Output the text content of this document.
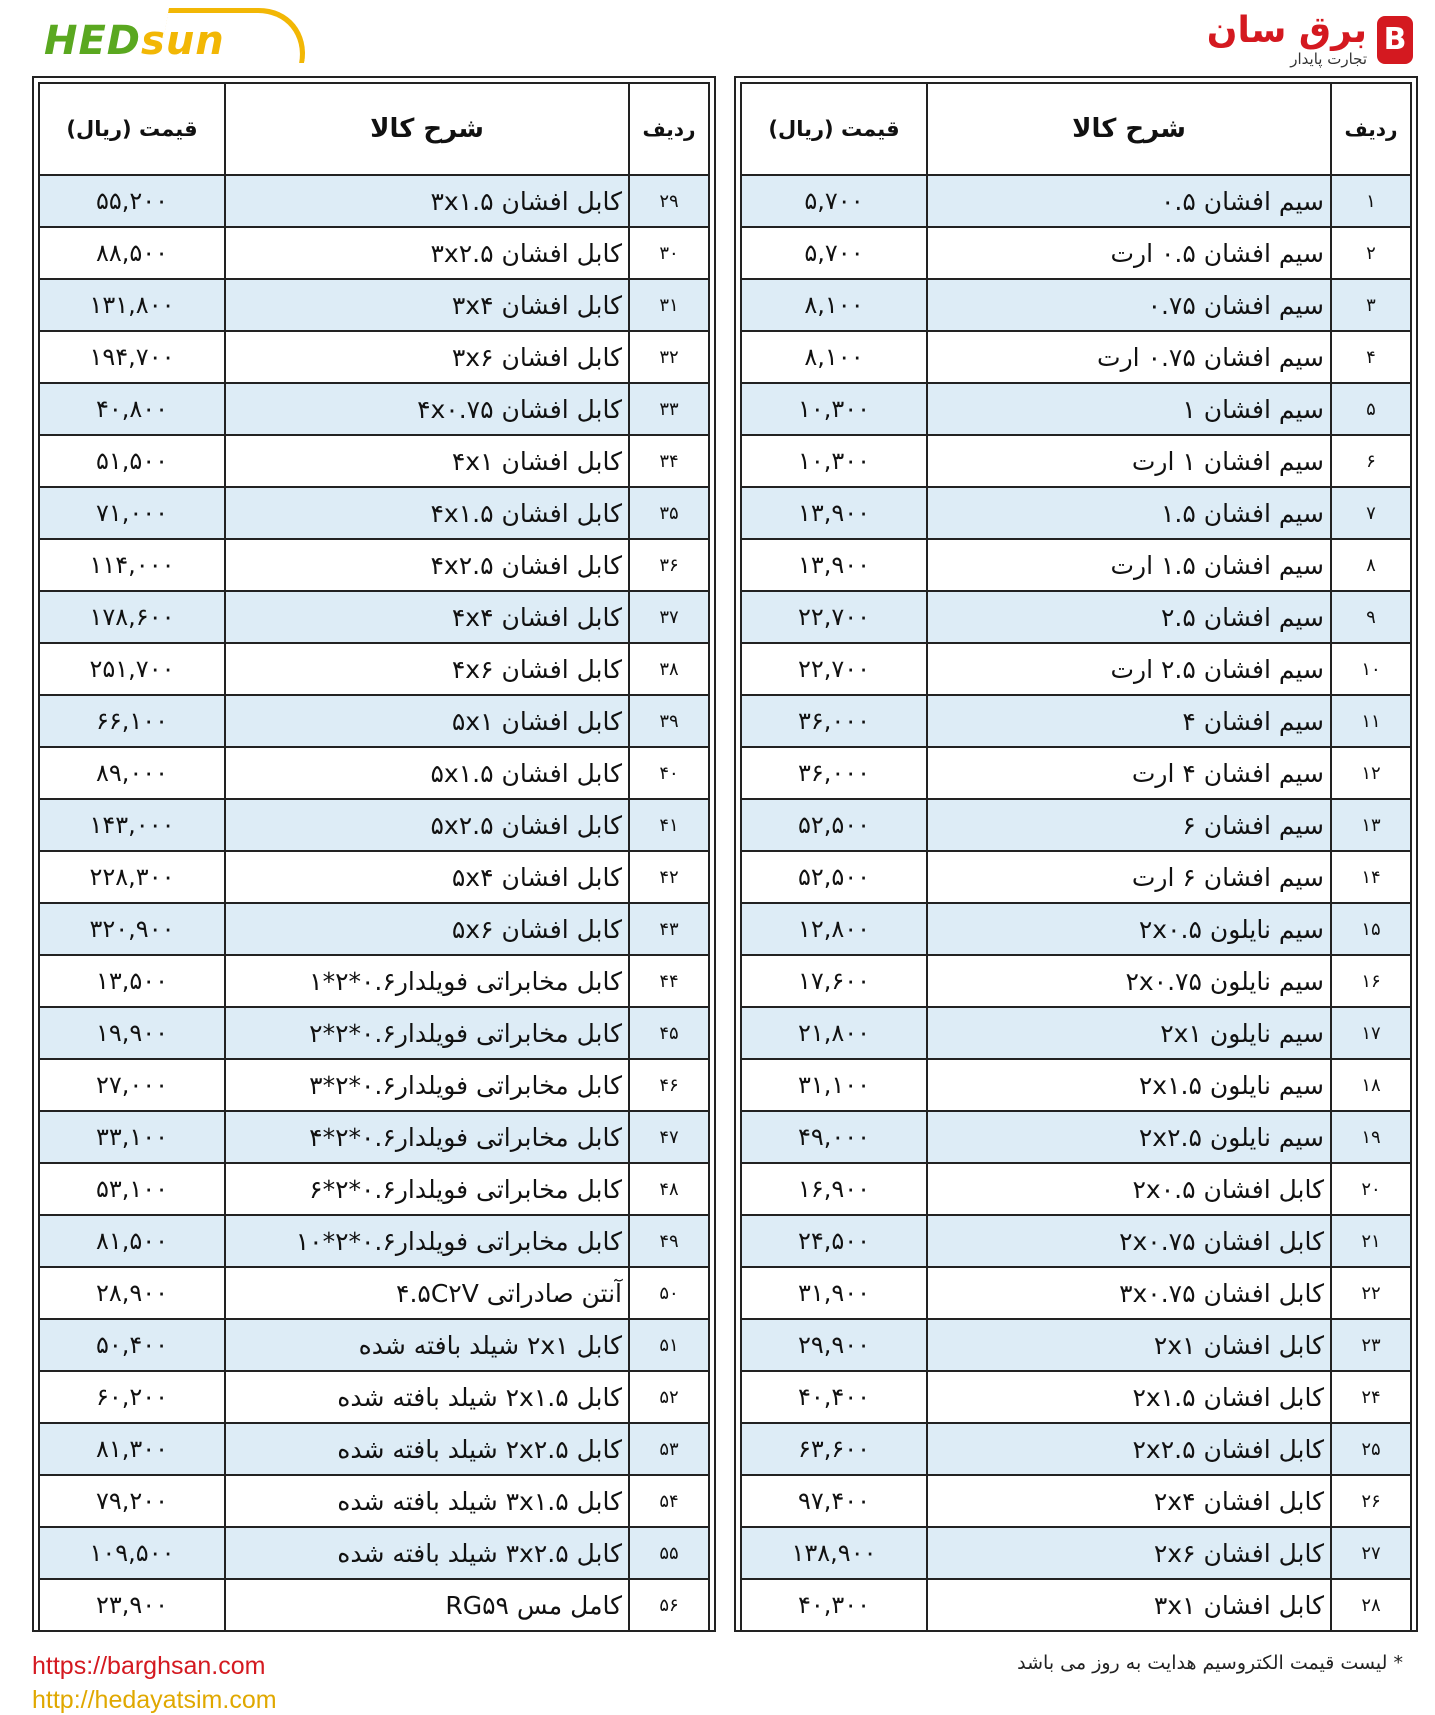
HEDsun	B
برق سان
تجارت پایدار
ردیف	شرح کالا	قیمت (ریال)
۱	سیم افشان ۰.۵	۵,۷۰۰
۲	سیم افشان ۰.۵ ارت	۵,۷۰۰
۳	سیم افشان ۰.۷۵	۸,۱۰۰
۴	سیم افشان ۰.۷۵ ارت	۸,۱۰۰
۵	سیم افشان ۱	۱۰,۳۰۰
۶	سیم افشان ۱ ارت	۱۰,۳۰۰
۷	سیم افشان ۱.۵	۱۳,۹۰۰
۸	سیم افشان ۱.۵ ارت	۱۳,۹۰۰
۹	سیم افشان ۲.۵	۲۲,۷۰۰
۱۰	سیم افشان ۲.۵ ارت	۲۲,۷۰۰
۱۱	سیم افشان ۴	۳۶,۰۰۰
۱۲	سیم افشان ۴ ارت	۳۶,۰۰۰
۱۳	سیم افشان ۶	۵۲,۵۰۰
۱۴	سیم افشان ۶ ارت	۵۲,۵۰۰
۱۵	سیم نایلون ۲x۰.۵	۱۲,۸۰۰
۱۶	سیم نایلون ۲x۰.۷۵	۱۷,۶۰۰
۱۷	سیم نایلون ۲x۱	۲۱,۸۰۰
۱۸	سیم نایلون ۲x۱.۵	۳۱,۱۰۰
۱۹	سیم نایلون ۲x۲.۵	۴۹,۰۰۰
۲۰	کابل افشان ۲x۰.۵	۱۶,۹۰۰
۲۱	کابل افشان ۲x۰.۷۵	۲۴,۵۰۰
۲۲	کابل افشان ۳x۰.۷۵	۳۱,۹۰۰
۲۳	کابل افشان ۲x۱	۲۹,۹۰۰
۲۴	کابل افشان ۲x۱.۵	۴۰,۴۰۰
۲۵	کابل افشان ۲x۲.۵	۶۳,۶۰۰
۲۶	کابل افشان ۲x۴	۹۷,۴۰۰
۲۷	کابل افشان ۲x۶	۱۳۸,۹۰۰
۲۸	کابل افشان ۳x۱	۴۰,۳۰۰
ردیف	شرح کالا	قیمت (ریال)
۲۹	کابل افشان ۳x۱.۵	۵۵,۲۰۰
۳۰	کابل افشان ۳x۲.۵	۸۸,۵۰۰
۳۱	کابل افشان ۳x۴	۱۳۱,۸۰۰
۳۲	کابل افشان ۳x۶	۱۹۴,۷۰۰
۳۳	کابل افشان ۴x۰.۷۵	۴۰,۸۰۰
۳۴	کابل افشان ۴x۱	۵۱,۵۰۰
۳۵	کابل افشان ۴x۱.۵	۷۱,۰۰۰
۳۶	کابل افشان ۴x۲.۵	۱۱۴,۰۰۰
۳۷	کابل افشان ۴x۴	۱۷۸,۶۰۰
۳۸	کابل افشان ۴x۶	۲۵۱,۷۰۰
۳۹	کابل افشان ۵x۱	۶۶,۱۰۰
۴۰	کابل افشان ۵x۱.۵	۸۹,۰۰۰
۴۱	کابل افشان ۵x۲.۵	۱۴۳,۰۰۰
۴۲	کابل افشان ۵x۴	۲۲۸,۳۰۰
۴۳	کابل افشان ۵x۶	۳۲۰,۹۰۰
۴۴	کابل مخابراتی فویلدار۰.۶*۲*۱	۱۳,۵۰۰
۴۵	کابل مخابراتی فویلدار۰.۶*۲*۲	۱۹,۹۰۰
۴۶	کابل مخابراتی فویلدار۰.۶*۲*۳	۲۷,۰۰۰
۴۷	کابل مخابراتی فویلدار۰.۶*۲*۴	۳۳,۱۰۰
۴۸	کابل مخابراتی فویلدار۰.۶*۲*۶	۵۳,۱۰۰
۴۹	کابل مخابراتی فویلدار۰.۶*۲*۱۰	۸۱,۵۰۰
۵۰	آنتن صادراتی ۴.۵C۲V	۲۸,۹۰۰
۵۱	کابل ۲x۱ شیلد بافته شده	۵۰,۴۰۰
۵۲	کابل ۲x۱.۵ شیلد بافته شده	۶۰,۲۰۰
۵۳	کابل ۲x۲.۵ شیلد بافته شده	۸۱,۳۰۰
۵۴	کابل ۳x۱.۵ شیلد بافته شده	۷۹,۲۰۰
۵۵	کابل ۳x۲.۵ شیلد بافته شده	۱۰۹,۵۰۰
۵۶	کامل مس RG۵۹	۲۳,۹۰۰
* لیست قیمت الکتروسیم هدایت به روز می باشد
https://barghsan.com
http://hedayatsim.com
